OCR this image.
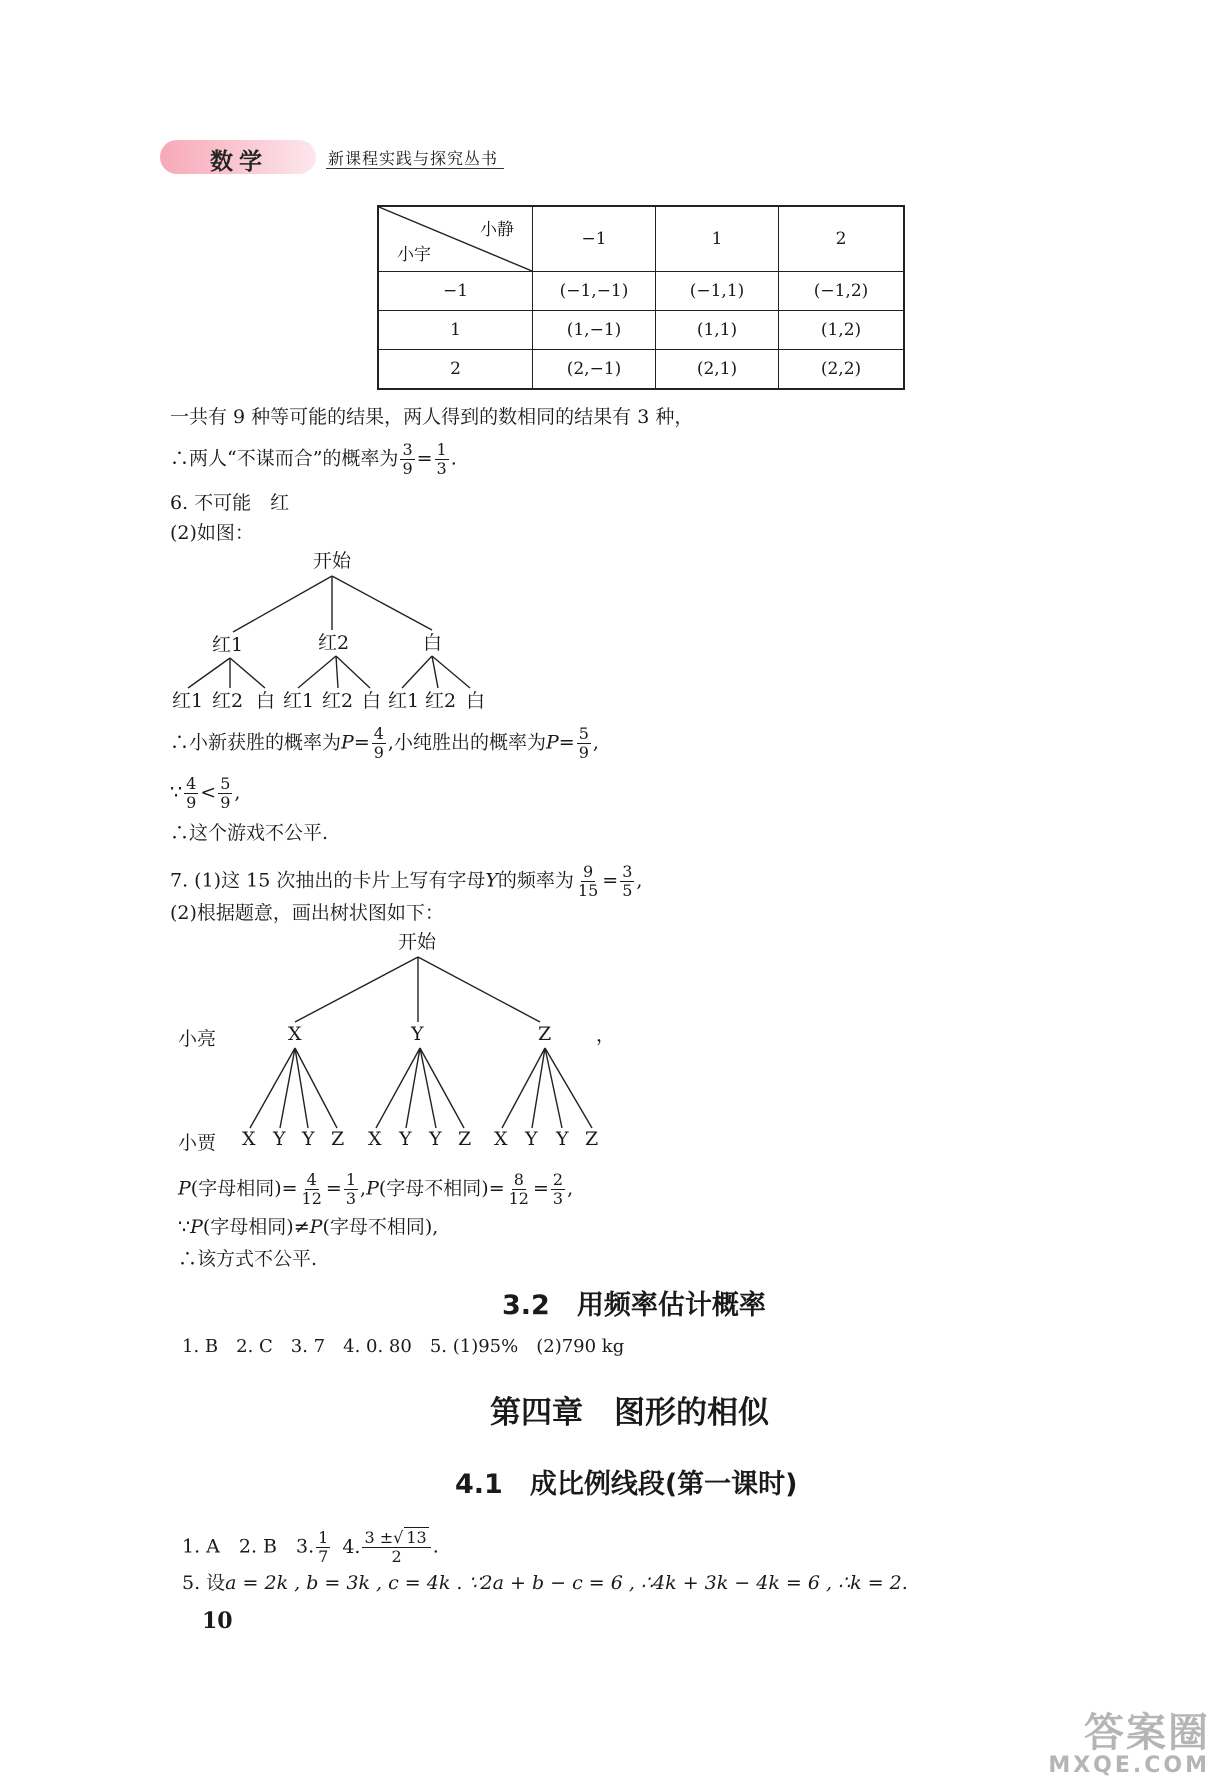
数学	新课程实践与探究丛书
小静
小宇	−1	1	2
−1	(−1,−1)	(−1,1)	(−1,2)
1	(1,−1)	(1,1)	(1,2)
2	(2,−1)	(2,1)	(2,2)
一共有 9 种等可能的结果，两人得到的数相同的结果有 3 种，
∴两人“不谋而合”的概率为 $\frac{3}{9} = \frac{1}{3}$ .
6. 不可能　红
(2)如图：
开始
红1	红2	白
红1 红2 白 红1 红2 白 红1 红2 白
∴小新获胜的概率为$P= \frac{4}{9}$ ,小纯胜出的概率为$P= \frac{5}{9}$ ,
∵ $\frac{4}{9} < \frac{5}{9}$ ,
∴这个游戏不公平.
7. (1)这 15 次抽出的卡片上写有字母Y的频率为 $\frac{9}{15} = \frac{3}{5}$ ,
(2)根据题意，画出树状图如下：
开始
小亮	X	Y	Z ，
小贾 X Y Y Z X Y Y Z X Y Y Z
P(字母相同)= $\frac{4}{12} = \frac{1}{3} ,P$(字母不相同)= $\frac{8}{12} = \frac{2}{3}$ ,
∵P(字母相同)≠P(字母不相同),
∴该方式不公平.
3.2　用频率估计概率
1. B　2. C　3. 7　4. 0. 80　5. (1)95%　(2)790 kg
第四章　图形的相似
4.1　成比例线段(第一课时)
1. A　2. B　3. $\frac{1}{7} 4$. $\frac{3 \pm√ 13}{2}$ .
5. 设a = 2k , b = 3k , c = 4k . ∵2a + b − c = 6 , ∴4k + 3k − 4k = 6 , ∴k = 2.
10
答案圈
MXQE.COM
